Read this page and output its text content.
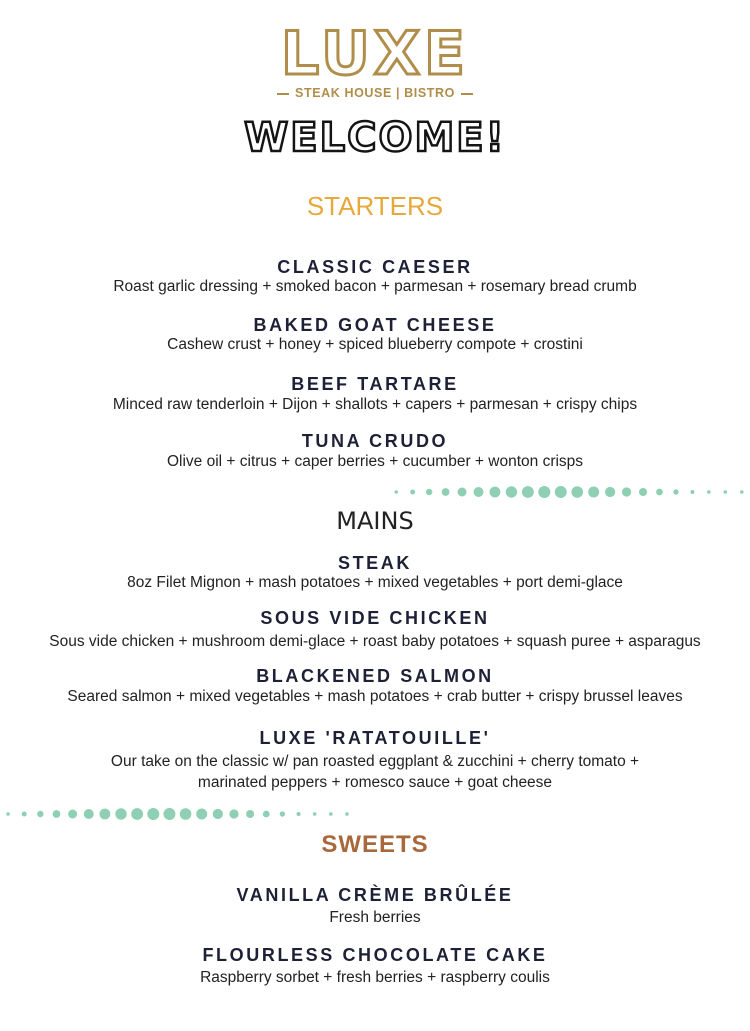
LUXE
STEAK HOUSE | BISTRO
WELCOME!
STARTERS
CLASSIC CAESER
Roast garlic dressing + smoked bacon + parmesan + rosemary bread crumb
BAKED GOAT CHEESE
Cashew crust + honey + spiced blueberry compote + crostini
BEEF TARTARE
Minced raw tenderloin + Dijon + shallots + capers + parmesan + crispy chips
TUNA CRUDO
Olive oil + citrus + caper berries + cucumber + wonton crisps
MAINS
STEAK
8oz Filet Mignon + mash potatoes + mixed vegetables + port demi-glace
SOUS VIDE CHICKEN
Sous vide chicken + mushroom demi-glace + roast baby potatoes + squash puree + asparagus
BLACKENED SALMON
Seared salmon + mixed vegetables + mash potatoes + crab butter + crispy brussel leaves
LUXE 'RATATOUILLE'
Our take on the classic w/ pan roasted eggplant & zucchini + cherry tomato +
marinated peppers + romesco sauce + goat cheese
SWEETS
VANILLA CRÈME BRÛLÉE
Fresh berries
FLOURLESS CHOCOLATE CAKE
Raspberry sorbet + fresh berries + raspberry coulis
